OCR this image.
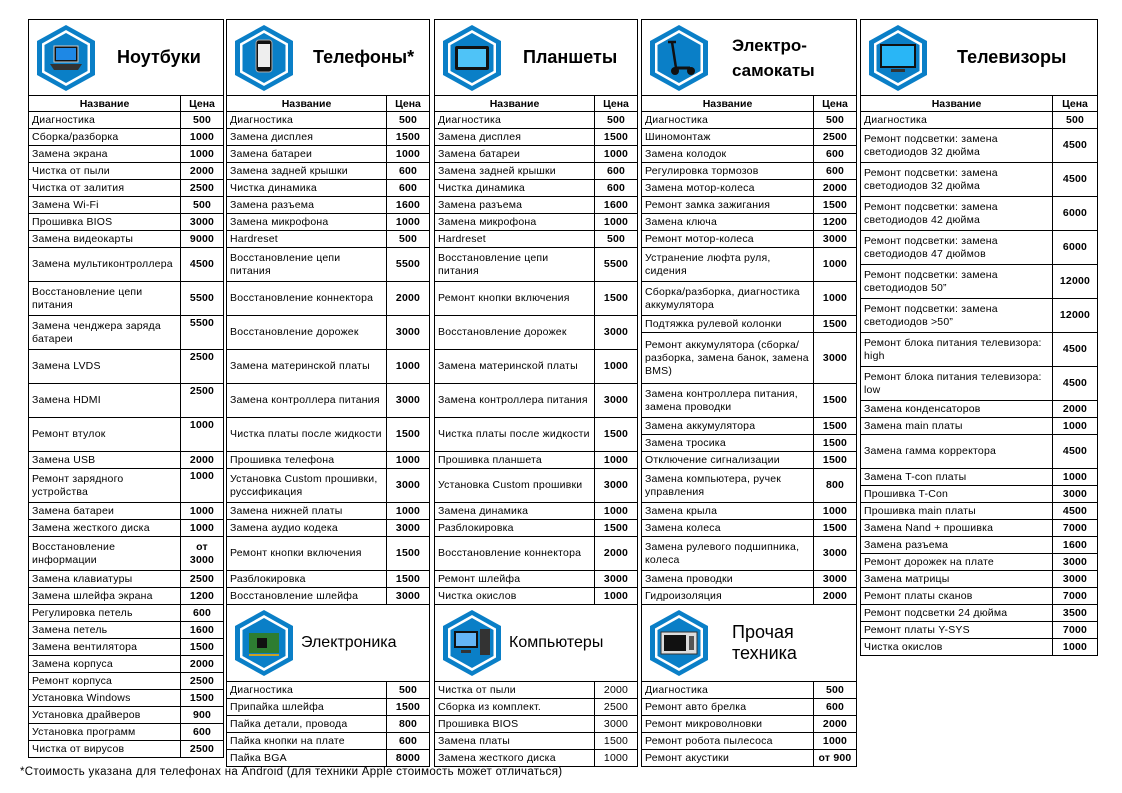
Ноутбуки
Название	Цена
Диагностика	500
Сборка/разборка	1000
Замена экрана	1000
Чистка от пыли	2000
Чистка от залития	2500
Замена Wi-Fi	500
Прошивка BIOS	3000
Замена видеокарты	9000
Замена мультиконтроллера	4500
Восстановление цепи питания	5500
Замена ченджера заряда батареи	5500
Замена LVDS	2500
Замена HDMI	2500
Ремонт втулок	1000
Замена USB	2000
Ремонт зарядного устройства	1000
Замена батареи	1000
Замена жесткого диска	1000
Восстановление информации	от 3000
Замена клавиатуры	2500
Замена шлейфа экрана	1200
Регулировка петель	600
Замена петель	1600
Замена вентилятора	1500
Замена корпуса	2000
Ремонт корпуса	2500
Установка Windows	1500
Установка драйверов	900
Установка программ	600
Чистка от вирусов	2500
Телефоны*
Название	Цена
Диагностика	500
Замена дисплея	1500
Замена батареи	1000
Замена задней крышки	600
Чистка динамика	600
Замена разъема	1600
Замена микрофона	1000
Hardreset	500
Восстановление цепи питания	5500
Восстановление коннектора	2000
Восстановление дорожек	3000
Замена материнской платы	1000
Замена контроллера питания	3000
Чистка платы после жидкости	1500
Прошивка телефона	1000
Установка Custom прошивки, руссификация	3000
Замена нижней платы	1000
Замена аудио кодека	3000
Ремонт кнопки включения	1500
Разблокировка	1500
Восстановление шлейфа	3000
Электроника
Диагностика	500
Припайка шлейфа	1500
Пайка детали, провода	800
Пайка кнопки на плате	600
Пайка BGA	8000
Планшеты
Название	Цена
Диагностика	500
Замена дисплея	1500
Замена батареи	1000
Замена задней крышки	600
Чистка динамика	600
Замена разъема	1600
Замена микрофона	1000
Hardreset	500
Восстановление цепи питания	5500
Ремонт кнопки включения	1500
Восстановление дорожек	3000
Замена материнской платы	1000
Замена контроллера питания	3000
Чистка платы после жидкости	1500
Прошивка планшета	1000
Установка Custom прошивки	3000
Замена динамика	1000
Разблокировка	1500
Восстановление коннектора	2000
Ремонт шлейфа	3000
Чистка окислов	1000
Компьютеры
Чистка от пыли	2000
Сборка из комплект.	2500
Прошивка BIOS	3000
Замена платы	1500
Замена жесткого диска	1000
Электро-
самокаты
Название	Цена
Диагностика	500
Шиномонтаж	2500
Замена колодок	600
Регулировка тормозов	600
Замена мотор-колеса	2000
Ремонт замка зажигания	1500
Замена ключа	1200
Ремонт мотор-колеса	3000
Устранение люфта руля, сидения	1000
Сборка/разборка, диагностика аккумулятора	1000
Подтяжка рулевой колонки	1500
Ремонт аккумулятора (сборка/разборка, замена банок, замена BMS)	3000
Замена контроллера питания, замена проводки	1500
Замена аккумулятора	1500
Замена тросика	1500
Отключение сигнализации	1500
Замена компьютера, ручек управления	800
Замена крыла	1000
Замена колеса	1500
Замена рулевого подшипника, колеса	3000
Замена проводки	3000
Гидроизоляция	2000
Прочая
техника
Диагностика	500
Ремонт авто брелка	600
Ремонт микроволновки	2000
Ремонт робота пылесоса	1000
Ремонт акустики	от 900
Телевизоры
Название	Цена
Диагностика	500
Ремонт подсветки: замена светодиодов 32 дюйма	4500
Ремонт подсветки: замена светодиодов 32 дюйма	4500
Ремонт подсветки: замена светодиодов 42 дюйма	6000
Ремонт подсветки: замена светодиодов 47 дюймов	6000
Ремонт подсветки: замена светодиодов 50”	12000
Ремонт подсветки: замена светодиодов >50”	12000
Ремонт блока питания телевизора: high	4500
Ремонт блока питания телевизора: low	4500
Замена конденсаторов	2000
Замена main платы	1000
Замена гамма корректора	4500
Замена T-con платы	1000
Прошивка T-Con	3000
Прошивка main платы	4500
Замена Nand + прошивка	7000
Замена разъема	1600
Ремонт дорожек на плате	3000
Замена матрицы	3000
Ремонт платы сканов	7000
Ремонт подсветки 24 дюйма	3500
Ремонт платы Y-SYS	7000
Чистка окислов	1000
*Стоимость указана для телефонах на Android (для техники Apple стоимость может отличаться)
